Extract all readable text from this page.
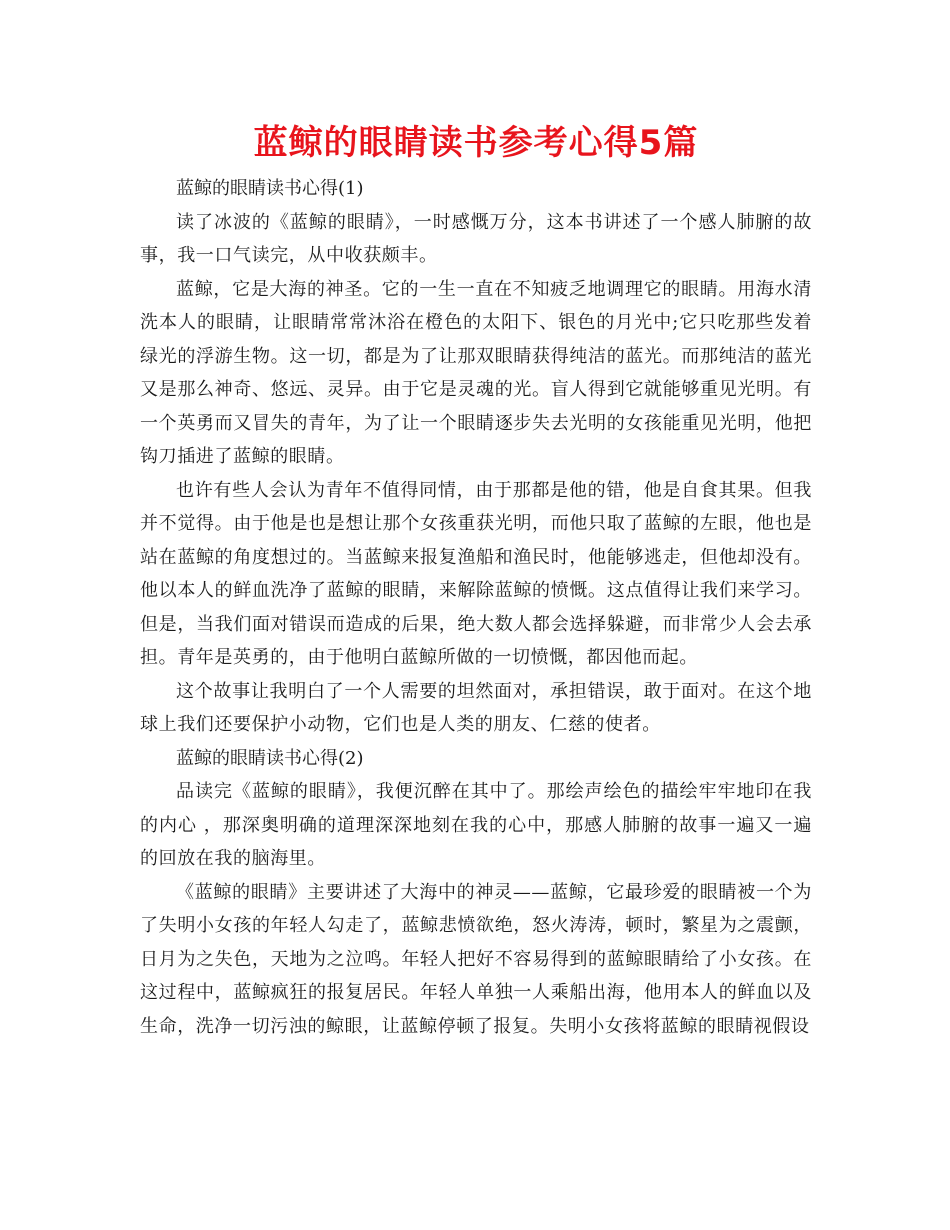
蓝鲸的眼睛读书参考心得5篇

蓝鲸的眼睛读书心得(1)

读了冰波的《蓝鲸的眼睛》，一时感慨万分，这本书讲述了一个感人肺腑的故事，我一口气读完，从中收获颇丰。

蓝鲸，它是大海的神圣。它的一生一直在不知疲乏地调理它的眼睛。用海水清洗本人的眼睛，让眼睛常常沐浴在橙色的太阳下、银色的月光中;它只吃那些发着绿光的浮游生物。这一切，都是为了让那双眼睛获得纯洁的蓝光。而那纯洁的蓝光又是那么神奇、悠远、灵异。由于它是灵魂的光。盲人得到它就能够重见光明。有一个英勇而又冒失的青年，为了让一个眼睛逐步失去光明的女孩能重见光明，他把钩刀插进了蓝鲸的眼睛。

也许有些人会认为青年不值得同情，由于那都是他的错，他是自食其果。但我并不觉得。由于他是也是想让那个女孩重获光明，而他只取了蓝鲸的左眼，他也是站在蓝鲸的角度想过的。当蓝鲸来报复渔船和渔民时，他能够逃走，但他却没有。他以本人的鲜血洗净了蓝鲸的眼睛，来解除蓝鲸的愤慨。这点值得让我们来学习。但是，当我们面对错误而造成的后果，绝大数人都会选择躲避，而非常少人会去承担。青年是英勇的，由于他明白蓝鲸所做的一切愤慨，都因他而起。

这个故事让我明白了一个人需要的坦然面对，承担错误，敢于面对。在这个地球上我们还要保护小动物，它们也是人类的朋友、仁慈的使者。

蓝鲸的眼睛读书心得(2)

品读完《蓝鲸的眼睛》，我便沉醉在其中了。那绘声绘色的描绘牢牢地印在我的内心 ，那深奥明确的道理深深地刻在我的心中，那感人肺腑的故事一遍又一遍的回放在我的脑海里。

《蓝鲸的眼睛》主要讲述了大海中的神灵——蓝鲸，它最珍爱的眼睛被一个为了失明小女孩的年轻人勾走了，蓝鲸悲愤欲绝，怒火涛涛，顿时，繁星为之震颤，日月为之失色，天地为之泣鸣。年轻人把好不容易得到的蓝鲸眼睛给了小女孩。在这过程中，蓝鲸疯狂的报复居民。年轻人单独一人乘船出海，他用本人的鲜血以及生命，洗净一切污浊的鲸眼，让蓝鲸停顿了报复。失明小女孩将蓝鲸的眼睛视假设
